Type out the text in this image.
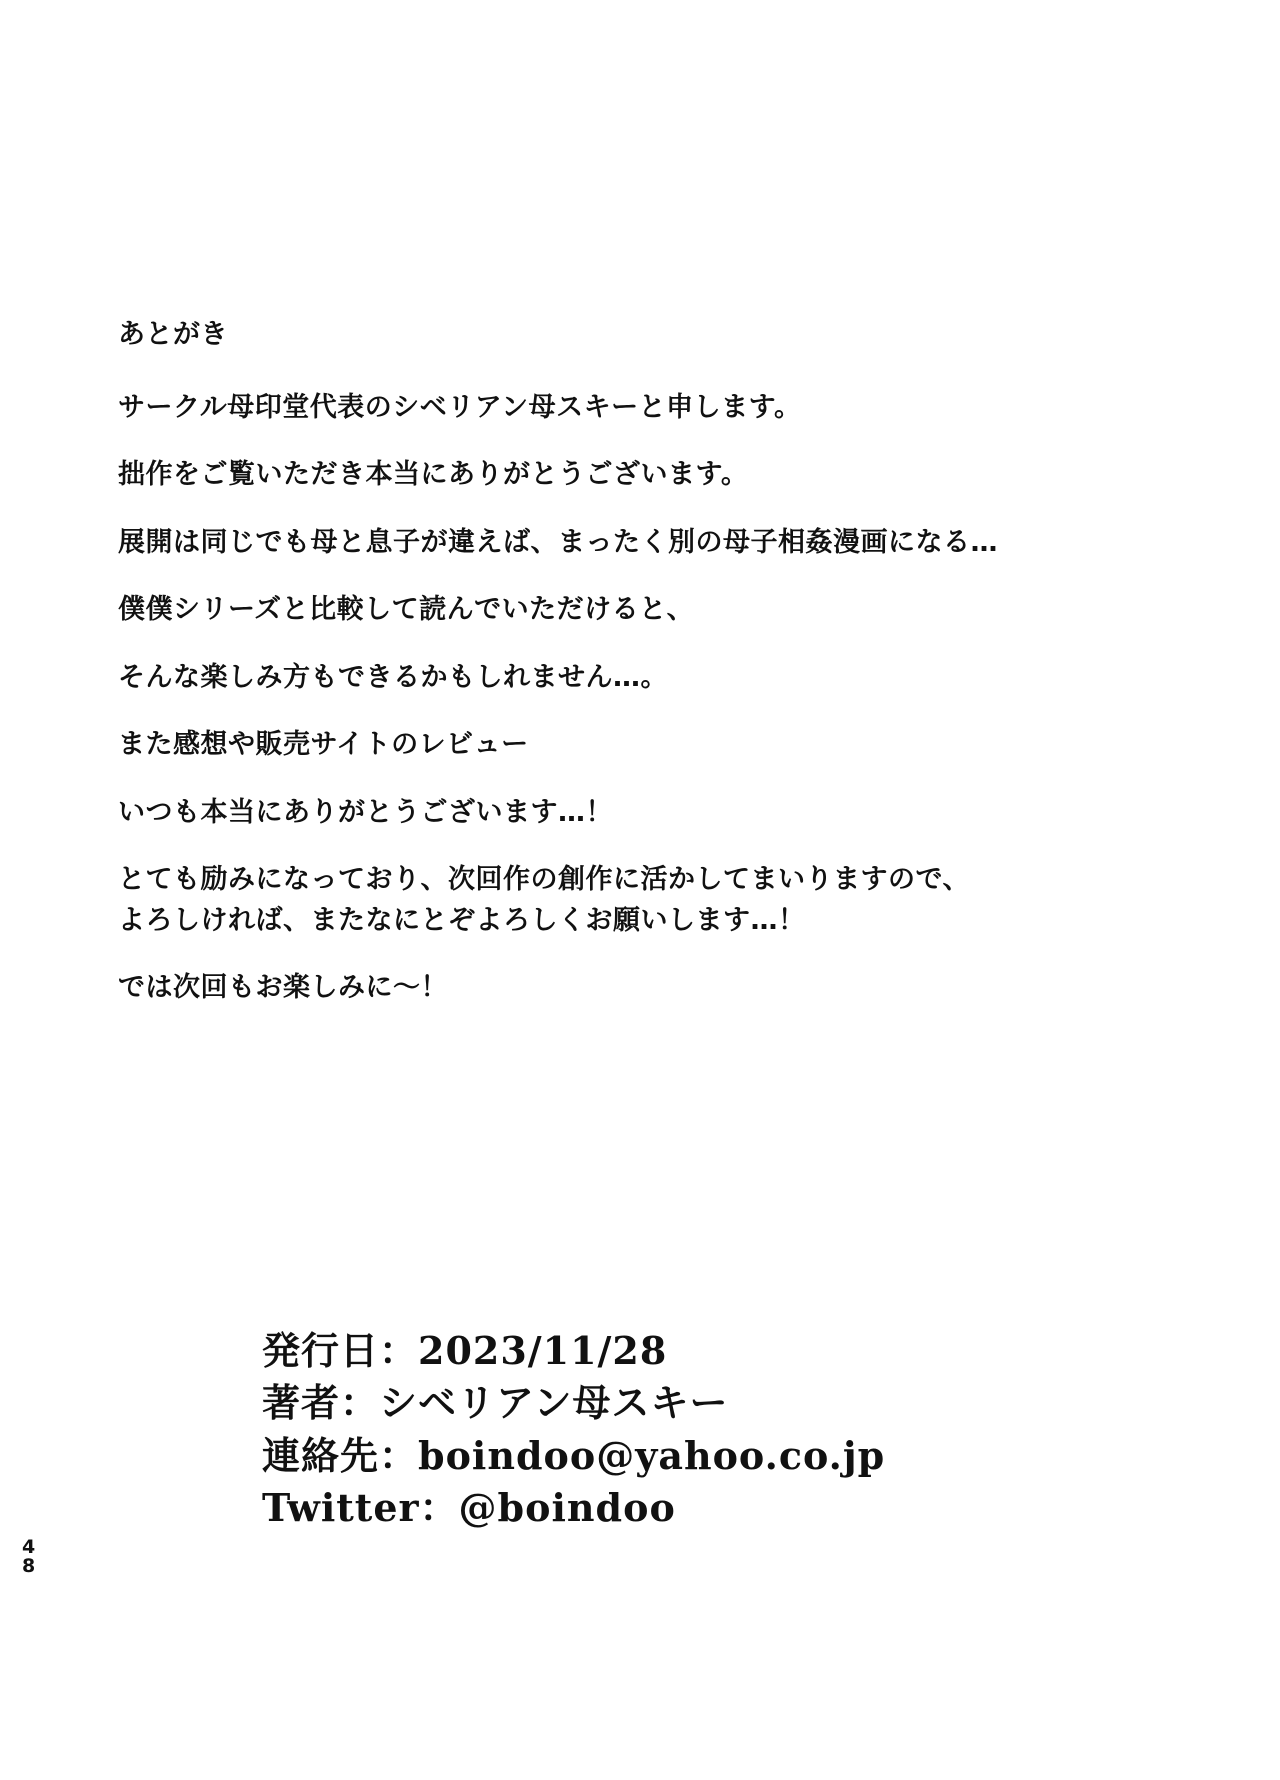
あとがき

サークル母印堂代表のシベリアン母スキーと申します。

拙作をご覧いただき本当にありがとうございます。

展開は同じでも母と息子が違えば、まったく別の母子相姦漫画になる…

僕僕シリーズと比較して読んでいただけると、

そんな楽しみ方もできるかもしれません…。

また感想や販売サイトのレビュー

いつも本当にありがとうございます…！

とても励みになっており、次回作の創作に活かしてまいりますので、

よろしければ、またなにとぞよろしくお願いします…！

では次回もお楽しみに～！

発行日：2023/11/28

著者：シベリアン母スキー

連絡先：boindoo@yahoo.co.jp

Twitter：@boindoo

4
8
